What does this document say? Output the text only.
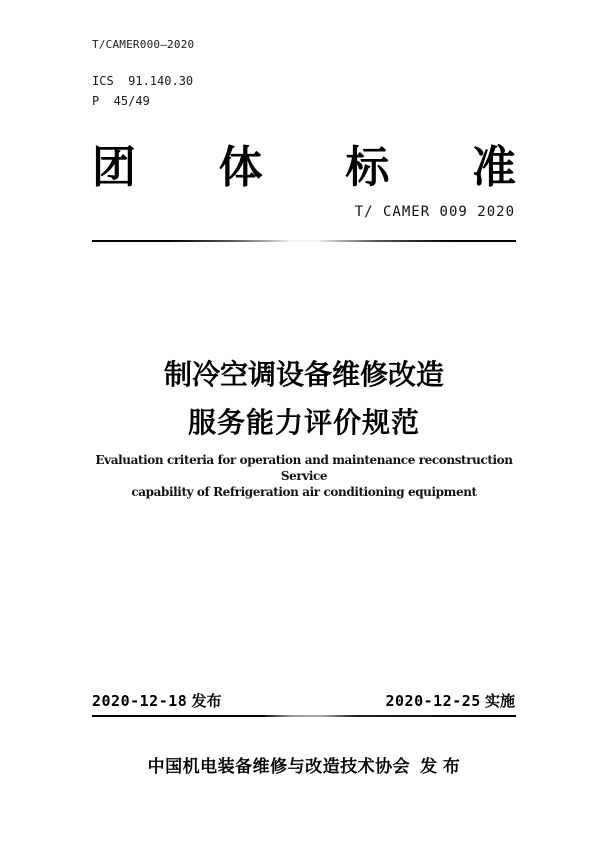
T/CAMER000—2020
ICS  91.140.30
P  45/49
团 体 标 准
T/ CAMER 009 2020
制冷空调设备维修改造
服务能力评价规范
Evaluation criteria for operation and maintenance reconstruction Service
capability of Refrigeration air conditioning equipment
2020-12-18 发布	2020-12-25 实施
中国机电装备维修与改造技术协会 发 布
